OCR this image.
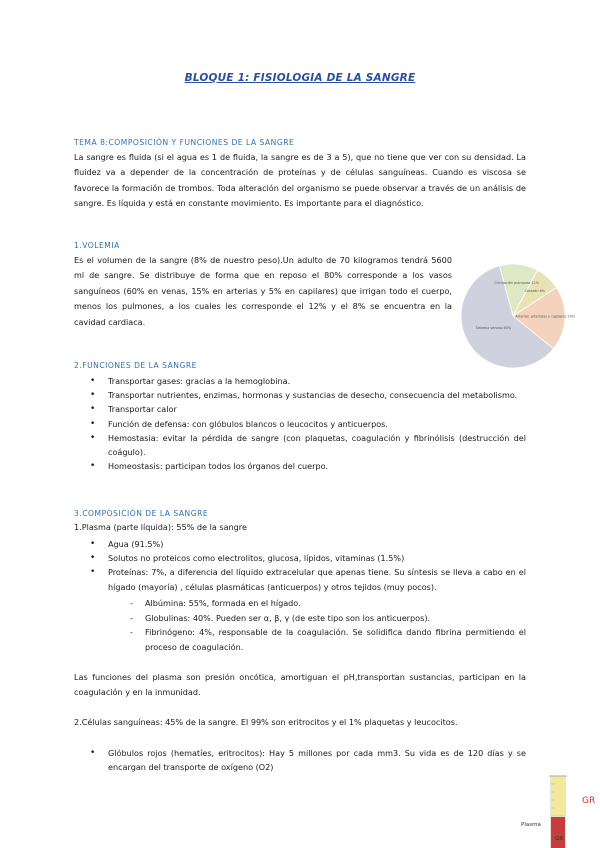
BLOQUE 1: FISIOLOGIA DE LA SANGRE
TEMA 8:COMPOSICIÓN Y FUNCIONES DE LA SANGRE

La sangre es fluida (si el agua es 1 de fluida, la sangre es de 3 a 5), que no tiene que ver con su densidad. La fluidez va a depender de la concentración de proteínas y de células sanguíneas. Cuando es viscosa se favorece la formación de trombos. Toda alteración del organismo se puede observar a través de un análisis de sangre. Es líquida y está en constante movimiento. Es importante para el diagnóstico.

1.VOLEMIA

Es el volumen de la sangre (8% de nuestro peso).Un adulto de 70 kilogramos tendrá 5600 ml de sangre. Se distribuye de forma que en reposo el 80% corresponde a los vasos sanguíneos (60% en venas, 15% en arterias y 5% en capilares) que irrigan todo el cuerpo, menos los pulmones, a los cuales les corresponde el 12% y el 8% se encuentra en la cavidad cardiaca.

Circulación pulmonar 12%
Corazón 8%
Arterias, arteriolas y capilares 20%
Sistema venoso 60%
2.FUNCIONES DE LA SANGRE
• Transportar gases: gracias a la hemoglobina.
• Transportar nutrientes, enzimas, hormonas y sustancias de desecho, consecuencia del metabolismo.
• Transportar calor
• Función de defensa: con glóbulos blancos o leucocitos y anticuerpos.
• Hemostasia: evitar la pérdida de sangre (con plaquetas, coagulación y fibrinólisis (destrucción del coágulo).
• Homeostasis: participan todos los órganos del cuerpo.
3.COMPOSICIÓN DE LA SANGRE
1.Plasma (parte líquida): 55% de la sangre
• Agua (91.5%)
• Solutos no proteicos como electrolitos, glucosa, lípidos, vitaminas (1.5%)
• Proteínas: 7%, a diferencia del líquido extracelular que apenas tiene. Su síntesis se lleva a cabo en el hígado (mayoría) , células plasmáticas (anticuerpos) y otros tejidos (muy pocos).
- Albúmina: 55%, formada en el hígado.
- Globulinas: 40%. Pueden ser α, β, γ (de este tipo son los anticuerpos).
- Fibrinógeno: 4%, responsable de la coagulación. Se solidifica dando fibrina permitiendo el proceso de coagulación.

Las funciones del plasma son presión oncótica, amortiguan el pH,transportan sustancias, participan en la coagulación y en la inmunidad.

2.Células sanguíneas: 45% de la sangre. El 99% son eritrocitos y el 1% plaquetas y leucocitos.
• Glóbulos rojos (hematíes, eritrocitos): Hay 5 millones por cada mm3. Su vida es de 120 días y se encargan del transporte de oxígeno (O2)
Plasma
GB
GR
